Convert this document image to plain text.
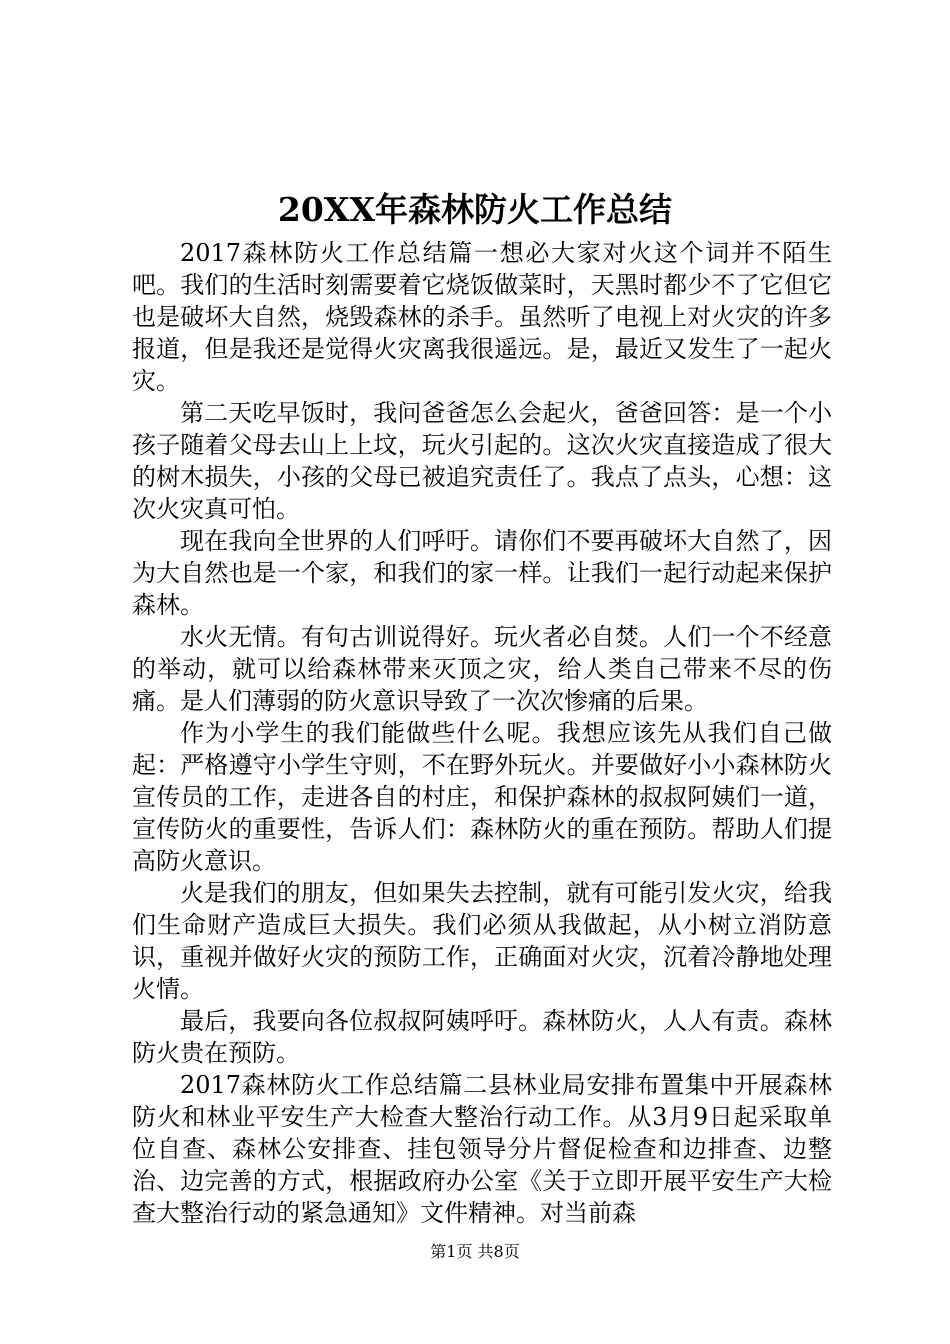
20XX年森林防火工作总结

2017森林防火工作总结篇一想必大家对火这个词并不陌生吧。我们的生活时刻需要着它烧饭做菜时，天黑时都少不了它但它也是破坏大自然，烧毁森林的杀手。虽然听了电视上对火灾的许多报道，但是我还是觉得火灾离我很遥远。是，最近又发生了一起火灾。

第二天吃早饭时，我问爸爸怎么会起火，爸爸回答：是一个小孩子随着父母去山上上坟，玩火引起的。这次火灾直接造成了很大的树木损失，小孩的父母已被追究责任了。我点了点头，心想：这次火灾真可怕。

现在我向全世界的人们呼吁。请你们不要再破坏大自然了，因为大自然也是一个家，和我们的家一样。让我们一起行动起来保护森林。

水火无情。有句古训说得好。玩火者必自焚。人们一个不经意的举动，就可以给森林带来灭顶之灾，给人类自己带来不尽的伤痛。是人们薄弱的防火意识导致了一次次惨痛的后果。

作为小学生的我们能做些什么呢。我想应该先从我们自己做起：严格遵守小学生守则，不在野外玩火。并要做好小小森林防火宣传员的工作，走进各自的村庄，和保护森林的叔叔阿姨们一道，宣传防火的重要性，告诉人们：森林防火的重在预防。帮助人们提高防火意识。

火是我们的朋友，但如果失去控制，就有可能引发火灾，给我们生命财产造成巨大损失。我们必须从我做起，从小树立消防意识，重视并做好火灾的预防工作，正确面对火灾，沉着冷静地处理火情。

最后，我要向各位叔叔阿姨呼吁。森林防火，人人有责。森林防火贵在预防。

2017森林防火工作总结篇二县林业局安排布置集中开展森林防火和林业平安生产大检查大整治行动工作。从3月9日起采取单位自查、森林公安排查、挂包领导分片督促检查和边排查、边整治、边完善的方式，根据政府办公室《关于立即开展平安生产大检查大整治行动的紧急通知》文件精神。对当前森

第1页 共8页
